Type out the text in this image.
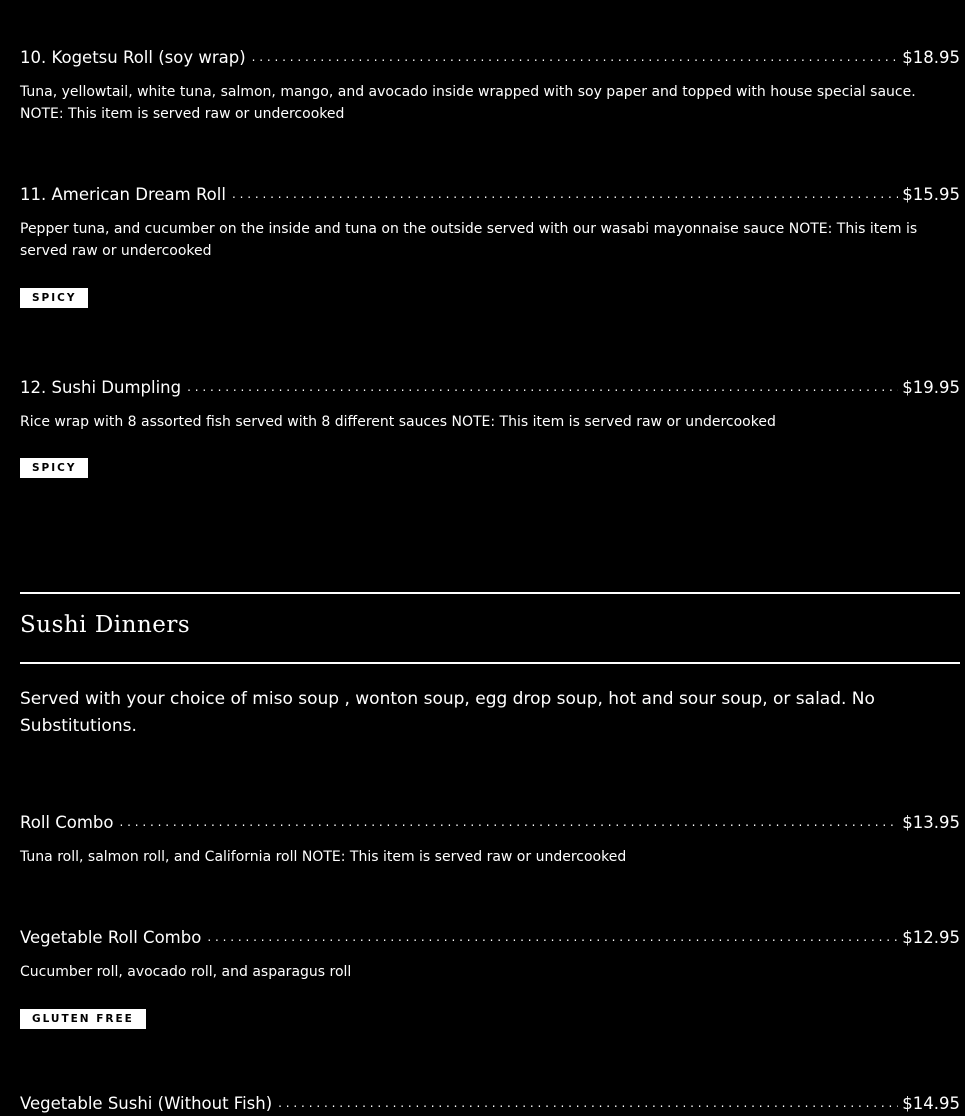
10. Kogetsu Roll (soy wrap) . . .	$18.95
Tuna, yellowtail, white tuna, salmon, mango, and avocado inside wrapped with soy paper and topped with house special sauce. NOTE: This item is served raw or undercooked
11. American Dream Roll . . .	$15.95
Pepper tuna, and cucumber on the inside and tuna on the outside served with our wasabi mayonnaise sauce NOTE: This item is served raw or undercooked
SPICY
12. Sushi Dumpling . . .	$19.95
Rice wrap with 8 assorted fish served with 8 different sauces NOTE: This item is served raw or undercooked
SPICY
Sushi Dinners
Served with your choice of miso soup , wonton soup, egg drop soup, hot and sour soup, or salad. No Substitutions.
Roll Combo . . .	$13.95
Tuna roll, salmon roll, and California roll NOTE: This item is served raw or undercooked
Vegetable Roll Combo . . .	$12.95
Cucumber roll, avocado roll, and asparagus roll
GLUTEN FREE
Vegetable Sushi (Without Fish) . . .	$14.95
